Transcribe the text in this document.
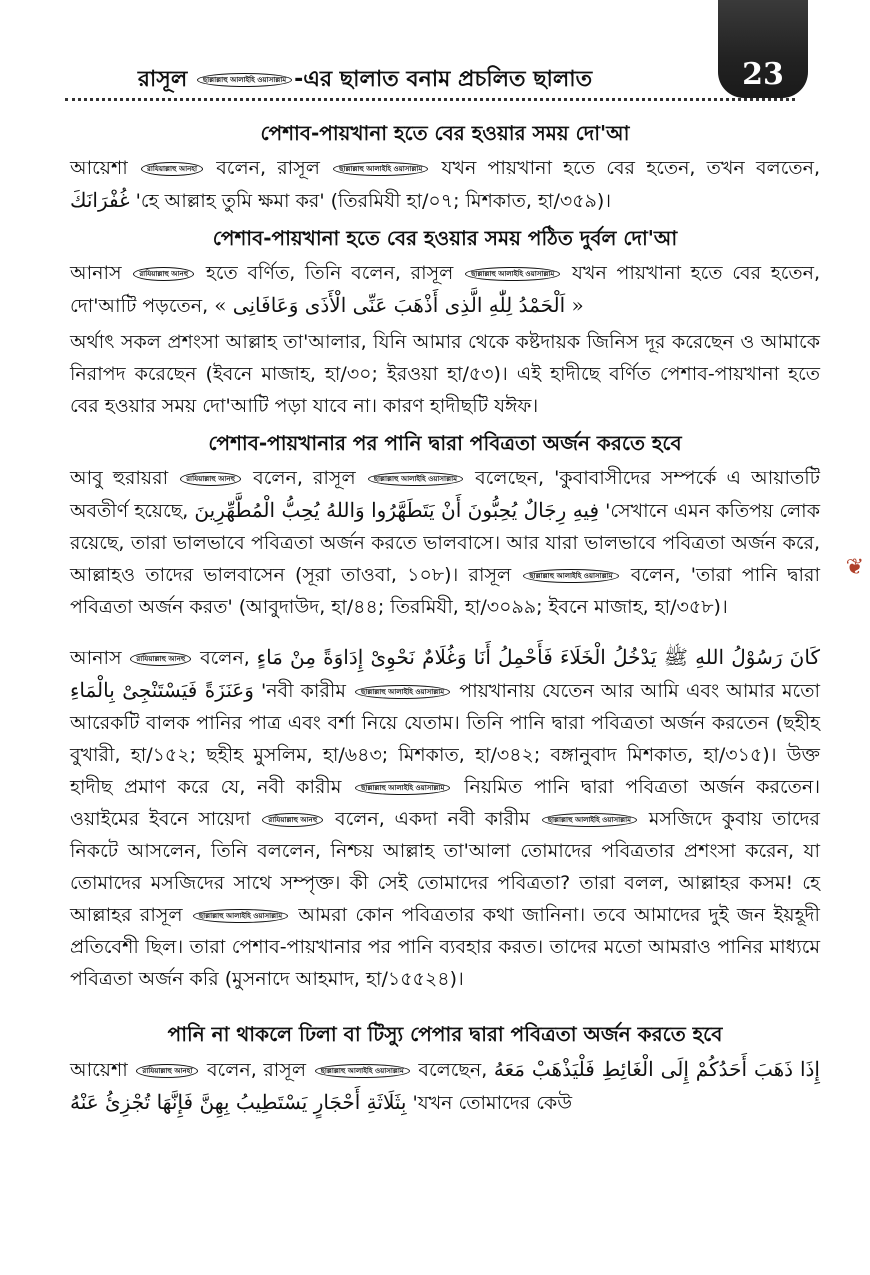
23
রাসূল ছাল্লাল্লাহু আলাইহি ওয়াসাল্লাম -এর ছালাত বনাম প্রচলিত ছালাত
❦
পেশাব-পায়খানা হতে বের হওয়ার সময় দো'আ

আয়েশা	রাযিয়াল্লাহু আনহা বলেন, রাসূল	ছাল্লাল্লাহু আলাইহি ওয়াসাল্লাম যখন পায়খানা হতে বের হতেন, তখন বলতেন, غُفْرَانَكَ 'হে আল্লাহ তুমি ক্ষমা কর' (তিরমিযী হা/০৭; মিশকাত, হা/৩৫৯)।

পেশাব-পায়খানা হতে বের হওয়ার সময় পঠিত দুর্বল দো'আ

আনাস	রাযিয়াল্লাহু আনহু হতে বর্ণিত, তিনি বলেন, রাসূল	ছাল্লাল্লাহু আলাইহি ওয়াসাল্লাম যখন পায়খানা হতে বের হতেন, দো'আটি পড়তেন, « اَلْحَمْدُ لِلّٰهِ الَّذِى أَذْهَبَ عَنِّى الْأَذَى وَعَافَانِى »

অর্থাৎ সকল প্রশংসা আল্লাহ তা'আলার, যিনি আমার থেকে কষ্টদায়ক জিনিস দূর করেছেন ও আমাকে নিরাপদ করেছেন (ইবনে মাজাহ, হা/৩০; ইরওয়া হা/৫৩)। এই হাদীছে বর্ণিত পেশাব-পায়খানা হতে বের হওয়ার সময় দো'আটি পড়া যাবে না। কারণ হাদীছটি যঈফ।

পেশাব-পায়খানার পর পানি দ্বারা পবিত্রতা অর্জন করতে হবে

আবু হুরায়রা	রাযিয়াল্লাহু আনহু বলেন, রাসূল	ছাল্লাল্লাহু আলাইহি ওয়াসাল্লাম বলেছেন, 'কুবাবাসীদের সম্পর্কে এ আয়াতটি অবতীর্ণ হয়েছে, فِيهِ رِجَالٌ يُحِبُّونَ أَنْ يَتَطَهَّرُوا وَاللهُ يُحِبُّ الْمُطَّهِّرِينَ 'সেখানে এমন কতিপয় লোক রয়েছে, তারা ভালভাবে পবিত্রতা অর্জন করতে ভালবাসে। আর যারা ভালভাবে পবিত্রতা অর্জন করে, আল্লাহও তাদের ভালবাসেন (সূরা তাওবা, ১০৮)। রাসূল	ছাল্লাল্লাহু আলাইহি ওয়াসাল্লাম বলেন, 'তারা পানি দ্বারা পবিত্রতা অর্জন করত' (আবুদাউদ, হা/৪৪; তিরমিযী, হা/৩০৯৯; ইবনে মাজাহ, হা/৩৫৮)।

আনাস রাযিয়াল্লাহু আনহু বলেন, كَانَ رَسُوْلُ اللهِ ﷺ يَدْخُلُ الْخَلَاءَ فَأَحْمِلُ أَنَا وَغُلَامٌ نَحْوِىْ إِدَاوَةً مِنْ مَاءٍ وَعَنَزَةً فَيَسْتَنْجِىْ بِالْمَاءِ 'নবী কারীম ছাল্লাল্লাহু আলাইহি ওয়াসাল্লাম পায়খানায় যেতেন আর আমি এবং আমার মতো আরেকটি বালক পানির পাত্র এবং বর্শা নিয়ে যেতাম। তিনি পানি দ্বারা পবিত্রতা অর্জন করতেন (ছহীহ বুখারী, হা/১৫২; ছহীহ মুসলিম, হা/৬৪৩; মিশকাত, হা/৩৪২; বঙ্গানুবাদ মিশকাত, হা/৩১৫)। উক্ত হাদীছ প্রমাণ করে যে, নবী কারীম	ছাল্লাল্লাহু আলাইহি ওয়াসাল্লাম নিয়মিত পানি দ্বারা পবিত্রতা অর্জন করতেন। ওয়াইমের ইবনে সায়েদা	রাযিয়াল্লাহু আনহু বলেন, একদা নবী কারীম	ছাল্লাল্লাহু আলাইহি ওয়াসাল্লাম মসজিদে কুবায় তাদের নিকটে আসলেন, তিনি বললেন, নিশ্চয় আল্লাহ তা'আলা তোমাদের পবিত্রতার প্রশংসা করেন, যা তোমাদের মসজিদের সাথে সম্পৃক্ত। কী সেই তোমাদের পবিত্রতা? তারা বলল, আল্লাহর কসম! হে আল্লাহর রাসূল ছাল্লাল্লাহু আলাইহি ওয়াসাল্লাম আমরা কোন পবিত্রতার কথা জানিনা। তবে আমাদের দুই জন ইয়হূদী প্রতিবেশী ছিল। তারা পেশাব-পায়খানার পর পানি ব্যবহার করত। তাদের মতো আমরাও পানির মাধ্যমে পবিত্রতা অর্জন করি (মুসনাদে আহমাদ, হা/১৫৫২৪)।

পানি না থাকলে ঢিলা বা টিস্যু পেপার দ্বারা পবিত্রতা অর্জন করতে হবে

আয়েশা রাযিয়াল্লাহু আনহা বলেন, রাসূল ছাল্লাল্লাহু আলাইহি ওয়াসাল্লাম বলেছেন, إِذَا ذَهَبَ أَحَدُكُمْ إِلَى الْغَائِطِ فَلْيَذْهَبْ مَعَهُ بِثَلَاثَةِ أَحْجَارٍ يَسْتَطِيبُ بِهِنَّ فَإِنَّهَا تُجْزِئُ عَنْهُ 'যখন তোমাদের কেউ
